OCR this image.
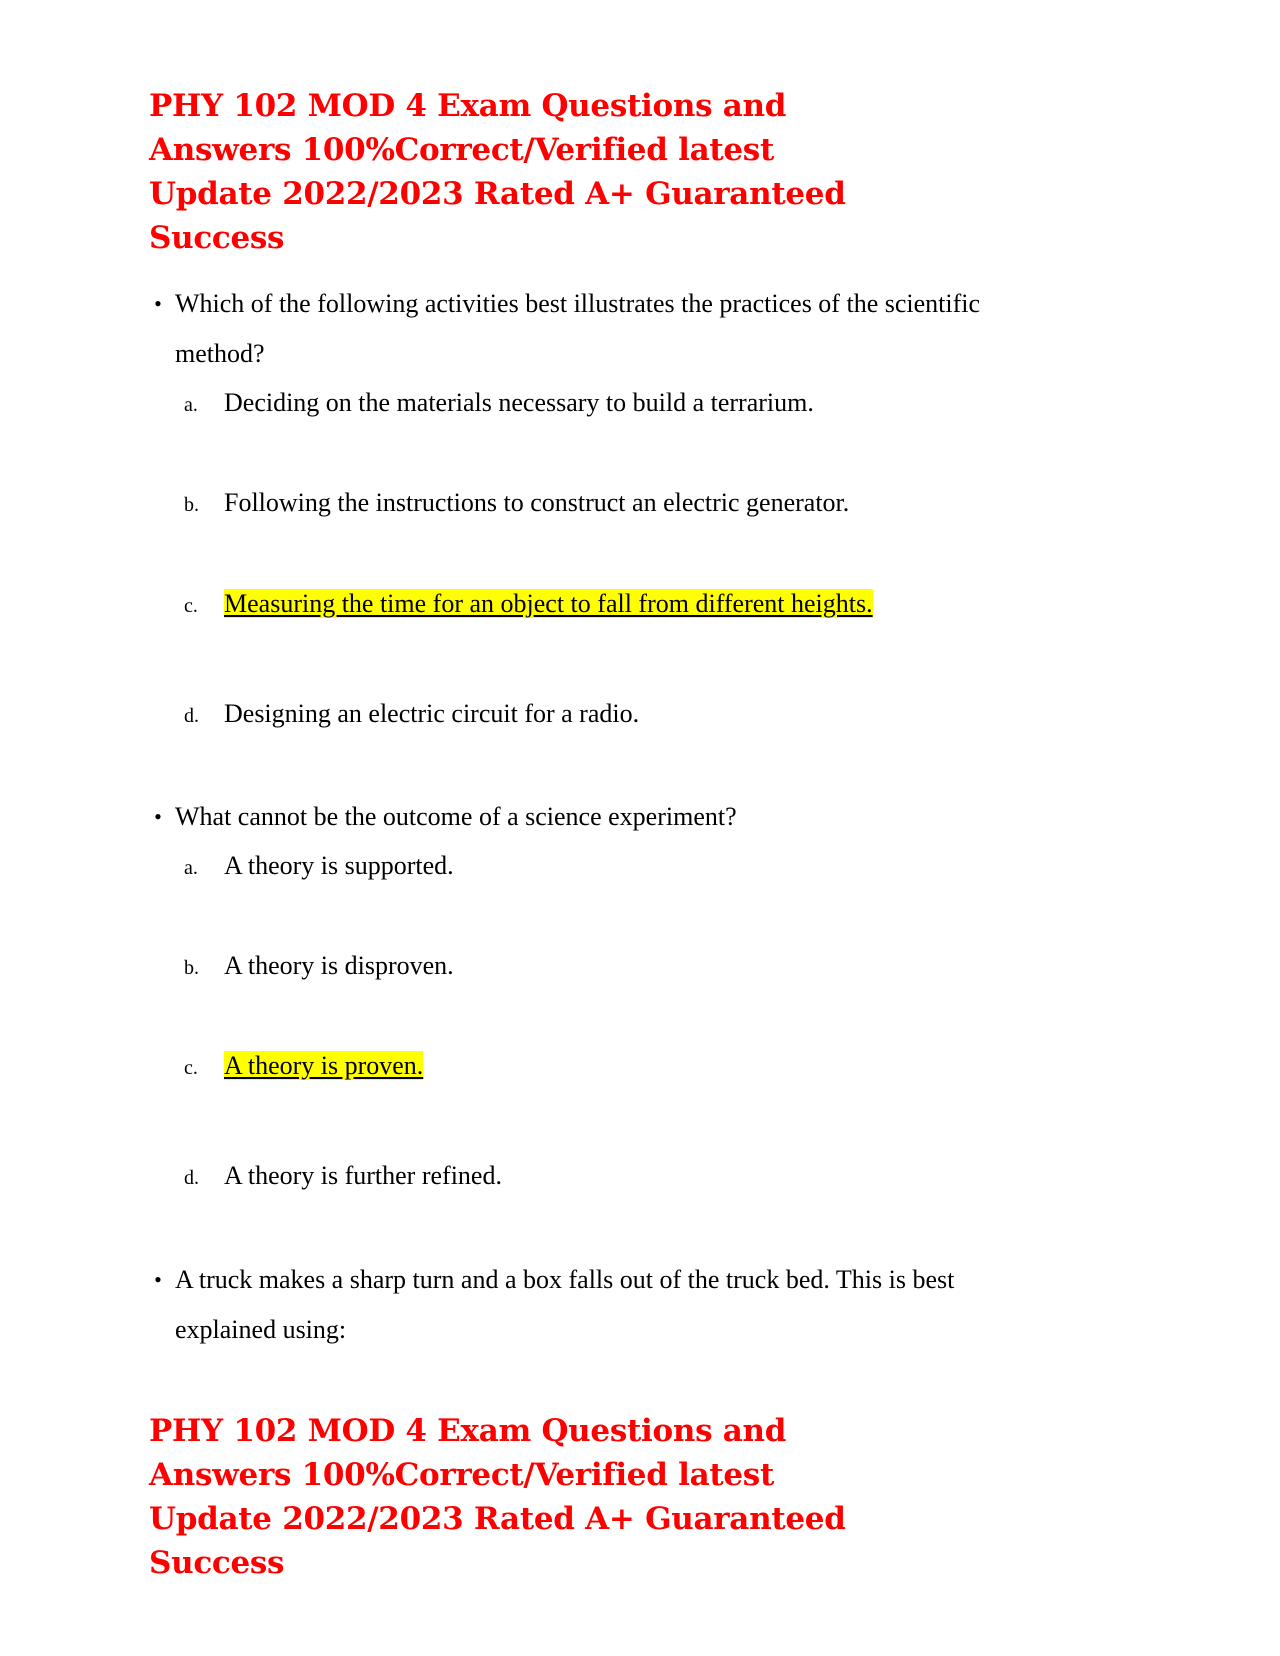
PHY 102 MOD 4 Exam Questions and
Answers 100%Correct/Verified latest
Update 2022/2023 Rated A+ Guaranteed
Success
• Which of the following activities best illustrates the practices of the scientific
method?
a. Deciding on the materials necessary to build a terrarium.
b. Following the instructions to construct an electric generator.
c. Measuring the time for an object to fall from different heights.
d. Designing an electric circuit for a radio.
• What cannot be the outcome of a science experiment?
a. A theory is supported.
b. A theory is disproven.
c. A theory is proven.
d. A theory is further refined.
• A truck makes a sharp turn and a box falls out of the truck bed. This is best
explained using:
PHY 102 MOD 4 Exam Questions and
Answers 100%Correct/Verified latest
Update 2022/2023 Rated A+ Guaranteed
Success
